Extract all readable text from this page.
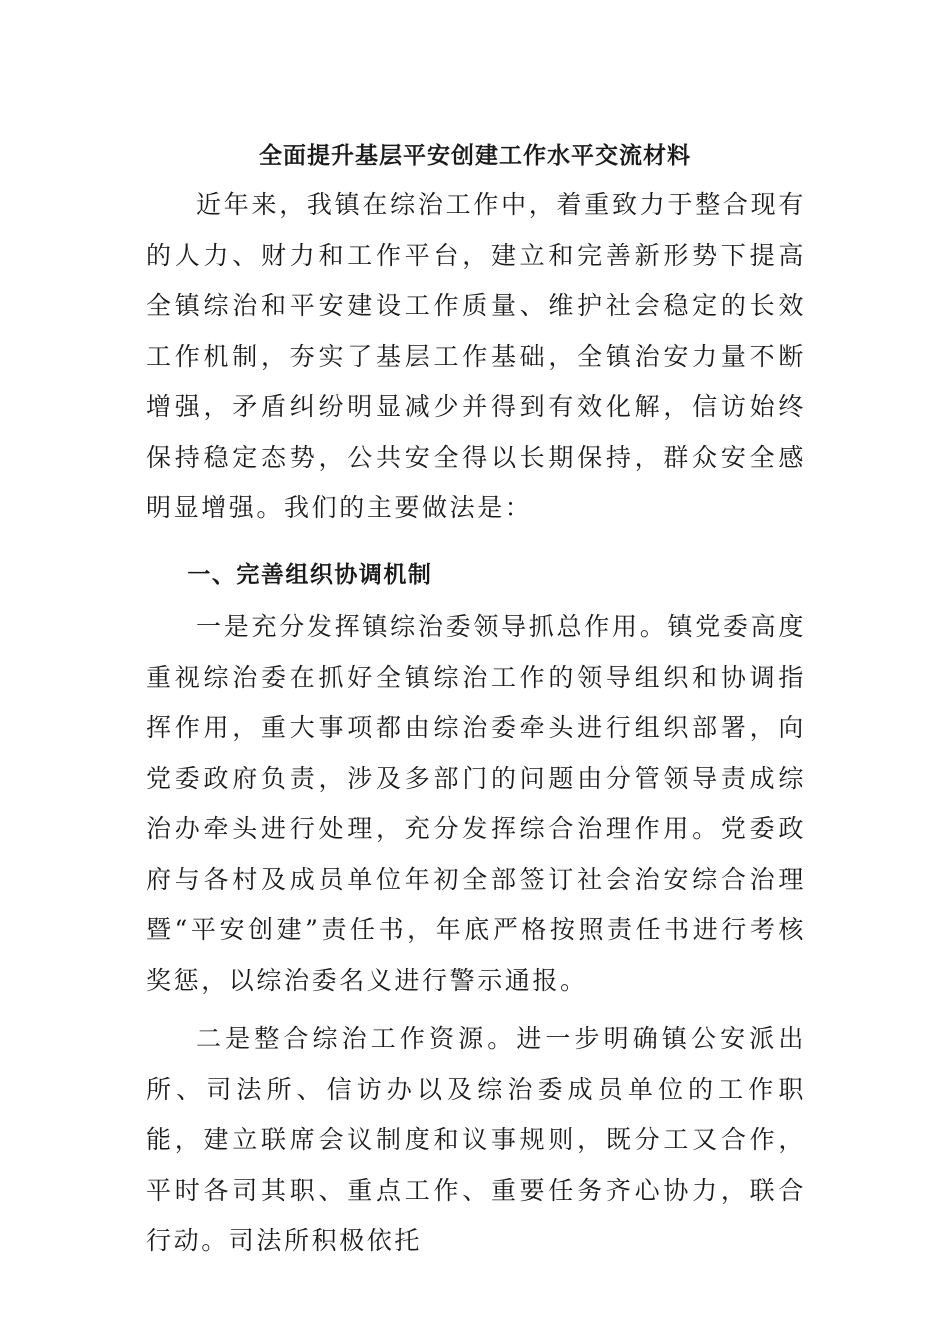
全面提升基层平安创建工作水平交流材料

近年来，我镇在综治工作中，着重致力于整合现有的人力、财力和工作平台，建立和完善新形势下提高全镇综治和平安建设工作质量、维护社会稳定的长效工作机制，夯实了基层工作基础，全镇治安力量不断增强，矛盾纠纷明显减少并得到有效化解，信访始终保持稳定态势，公共安全得以长期保持，群众安全感明显增强。我们的主要做法是：

一、完善组织协调机制

一是充分发挥镇综治委领导抓总作用。镇党委高度重视综治委在抓好全镇综治工作的领导组织和协调指挥作用，重大事项都由综治委牵头进行组织部署，向党委政府负责，涉及多部门的问题由分管领导责成综治办牵头进行处理，充分发挥综合治理作用。党委政府与各村及成员单位年初全部签订社会治安综合治理暨“平安创建”责任书，年底严格按照责任书进行考核奖惩，以综治委名义进行警示通报。

二是整合综治工作资源。进一步明确镇公安派出所、司法所、信访办以及综治委成员单位的工作职能，建立联席会议制度和议事规则，既分工又合作，平时各司其职、重点工作、重要任务齐心协力，联合行动。司法所积极依托
